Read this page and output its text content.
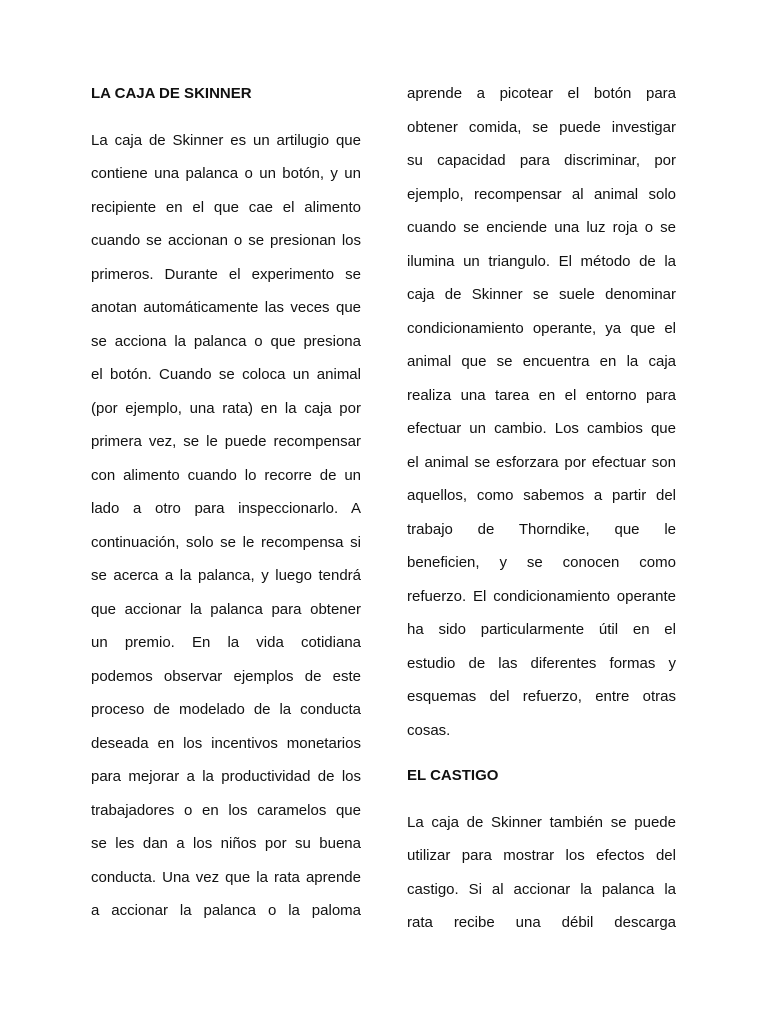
LA CAJA DE SKINNER
La caja de Skinner es un artilugio que
contiene una palanca o un botón, y un
recipiente en el que cae el alimento
cuando se accionan o se presionan los
primeros. Durante el experimento se
anotan automáticamente las veces que
se acciona la palanca o que presiona
el botón. Cuando se coloca un animal
(por ejemplo, una rata) en la caja por
primera vez, se le puede recompensar
con alimento cuando lo recorre de un
lado a otro para inspeccionarlo. A
continuación, solo se le recompensa si
se acerca a la palanca, y luego tendrá
que accionar la palanca para obtener
un premio. En la vida cotidiana
podemos observar ejemplos de este
proceso de modelado de la conducta
deseada en los incentivos monetarios
para mejorar a la productividad de los
trabajadores o en los caramelos que
se les dan a los niños por su buena
conducta. Una vez que la rata aprende
a accionar la palanca o la paloma
aprende a picotear el botón para
obtener comida, se puede investigar
su capacidad para discriminar, por
ejemplo, recompensar al animal solo
cuando se enciende una luz roja o se
ilumina un triangulo. El método de la
caja de Skinner se suele denominar
condicionamiento operante, ya que el
animal que se encuentra en la caja
realiza una tarea en el entorno para
efectuar un cambio. Los cambios que
el animal se esforzara por efectuar son
aquellos, como sabemos a partir del
trabajo de Thorndike, que le
beneficien, y se conocen como
refuerzo. El condicionamiento operante
ha sido particularmente útil en el
estudio de las diferentes formas y
esquemas del refuerzo, entre otras
cosas.
EL CASTIGO
La caja de Skinner también se puede
utilizar para mostrar los efectos del
castigo. Si al accionar la palanca la
rata recibe una débil descarga
